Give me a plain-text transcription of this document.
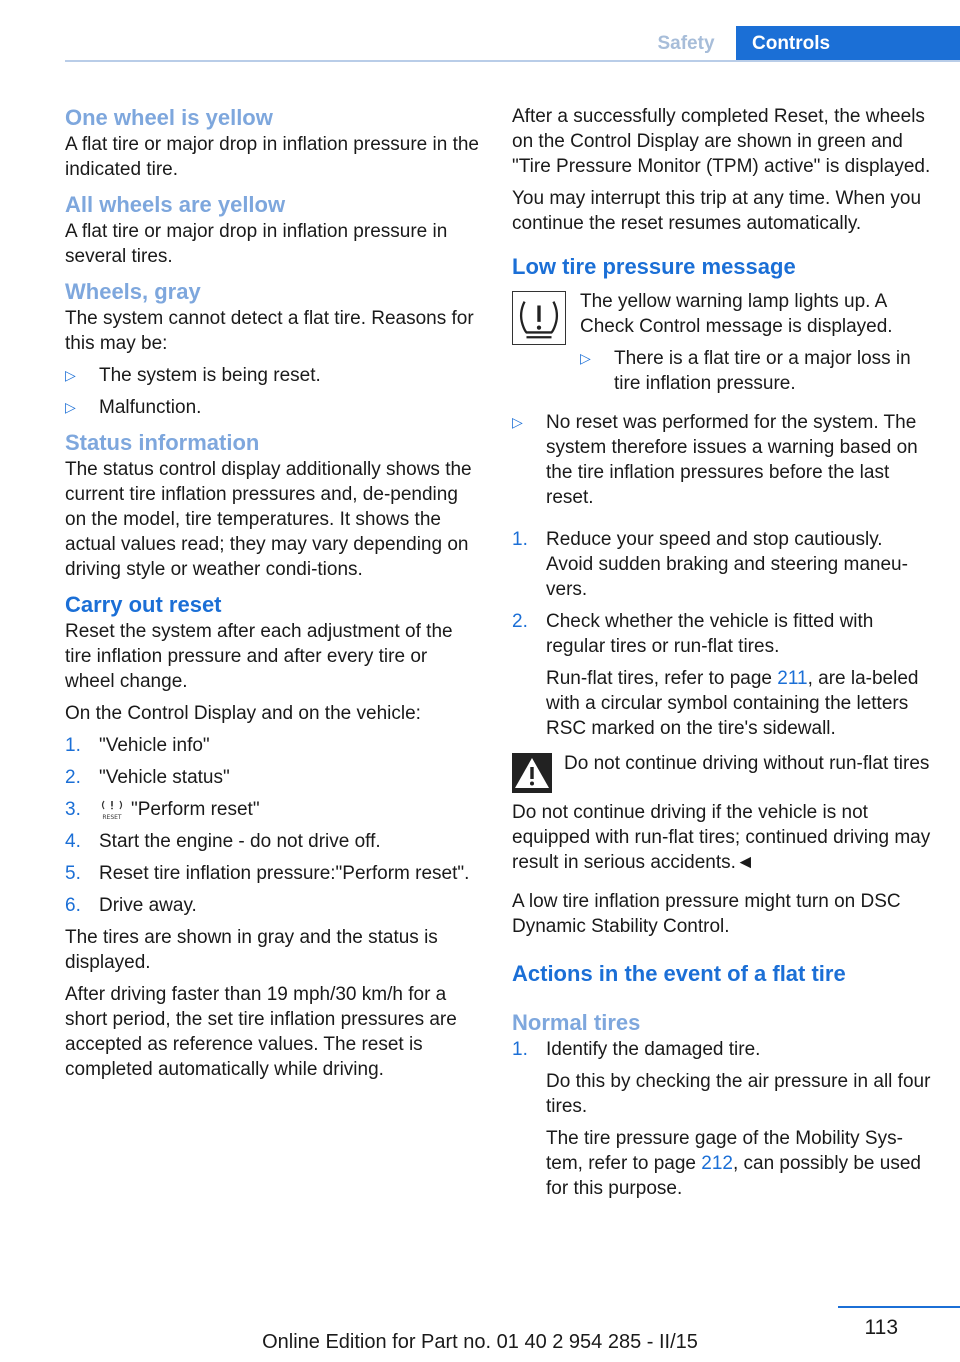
Safety	Controls
One wheel is yellow

A flat tire or major drop in inflation pressure in the indicated tire.

All wheels are yellow

A flat tire or major drop in inflation pressure in several tires.

Wheels, gray

The system cannot detect a flat tire. Reasons for this may be:

▷ The system is being reset.
▷ Malfunction.
Status information

The status control display additionally shows the current tire inflation pressures and, de‐pending on the model, tire temperatures. It shows the actual values read; they may vary depending on driving style or weather condi‐tions.

Carry out reset

Reset the system after each adjustment of the tire inflation pressure and after every tire or wheel change.

On the Control Display and on the vehicle:

1. "Vehicle info"
2. "Vehicle status"
3.	RESET "Perform reset"
4. Start the engine - do not drive off.
5. Reset tire inflation pressure:"Perform reset".
6. Drive away.

The tires are shown in gray and the status is displayed.

After driving faster than 19 mph/30 km/h for a short period, the set tire inflation pressures are accepted as reference values. The reset is completed automatically while driving.

After a successfully completed Reset, the wheels on the Control Display are shown in green and "Tire Pressure Monitor (TPM) active" is displayed.

You may interrupt this trip at any time. When you continue the reset resumes automatically.

Low tire pressure message

The yellow warning lamp lights up. A Check Control message is displayed.

▷ There is a flat tire or a major loss in tire inflation pressure.
▷ No reset was performed for the system. The system therefore issues a warning based on the tire inflation pressures before the last reset.
1. Reduce your speed and stop cautiously. Avoid sudden braking and steering maneu‐vers.
2. Check whether the vehicle is fitted with regular tires or run-flat tires.

Run-flat tires, refer to page 211, are la‐beled with a circular symbol containing the letters RSC marked on the tire's sidewall.

Do not continue driving without run-flat tires

Do not continue driving if the vehicle is not equipped with run-flat tires; continued driving may result in serious accidents.◄

A low tire inflation pressure might turn on DSC Dynamic Stability Control.

Actions in the event of a flat tire
Normal tires
1. Identify the damaged tire.

Do this by checking the air pressure in all four tires.

The tire pressure gage of the Mobility Sys‐tem, refer to page 212, can possibly be used for this purpose.

113
Online Edition for Part no. 01 40 2 954 285 - II/15
